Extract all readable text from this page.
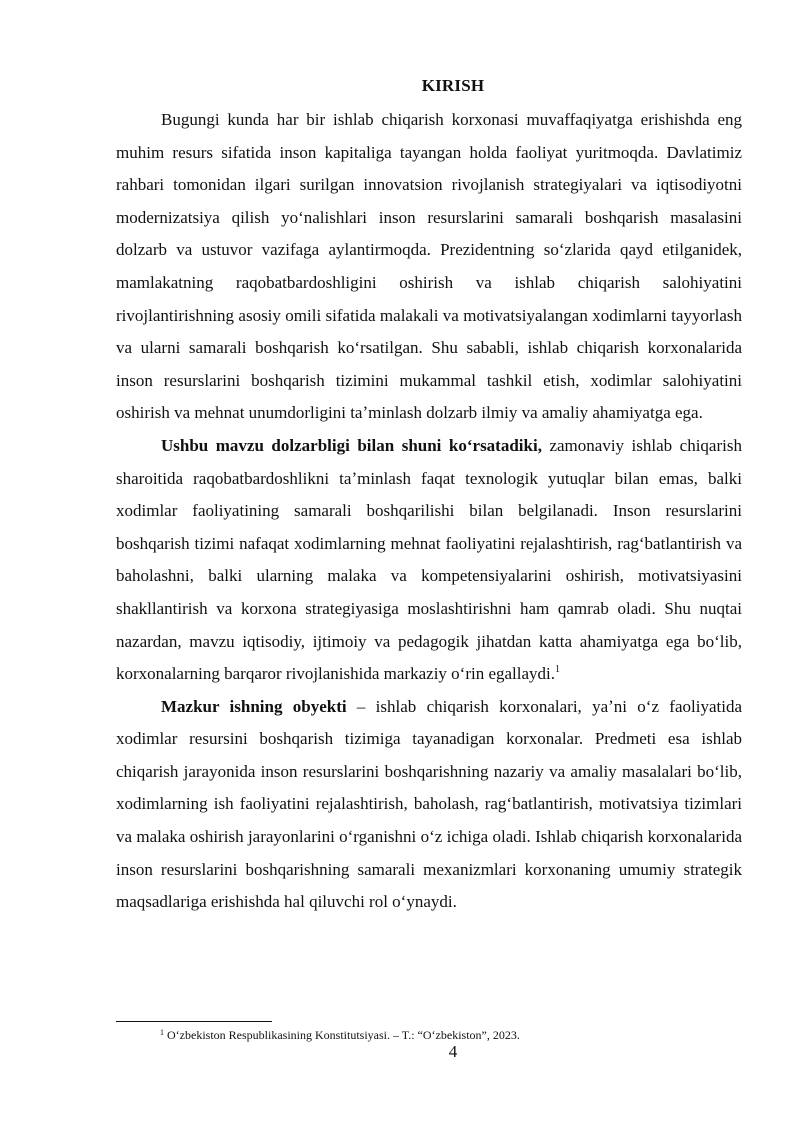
KIRISH

Bugungi kunda har bir ishlab chiqarish korxonasi muvaffaqiyatga erishishda eng muhim resurs sifatida inson kapitaliga tayangan holda faoliyat yuritmoqda. Davlatimiz rahbari tomonidan ilgari surilgan innovatsion rivojlanish strategiyalari va iqtisodiyotni modernizatsiya qilish yoʻnalishlari inson resurslarini samarali boshqarish masalasini dolzarb va ustuvor vazifaga aylantirmoqda. Prezidentning soʻzlarida qayd etilganidek, mamlakatning raqobatbardoshligini oshirish va ishlab chiqarish salohiyatini rivojlantirishning asosiy omili sifatida malakali va motivatsiyalangan xodimlarni tayyorlash va ularni samarali boshqarish koʻrsatilgan. Shu sababli, ishlab chiqarish korxonalarida inson resurslarini boshqarish tizimini mukammal tashkil etish, xodimlar salohiyatini oshirish va mehnat unumdorligini taʼminlash dolzarb ilmiy va amaliy ahamiyatga ega.

Ushbu mavzu dolzarbligi bilan shuni koʻrsatadiki, zamonaviy ishlab chiqarish sharoitida raqobatbardoshlikni taʼminlash faqat texnologik yutuqlar bilan emas, balki xodimlar faoliyatining samarali boshqarilishi bilan belgilanadi. Inson resurslarini boshqarish tizimi nafaqat xodimlarning mehnat faoliyatini rejalashtirish, ragʻbatlantirish va baholashni, balki ularning malaka va kompetensiyalarini oshirish, motivatsiyasini shakllantirish va korxona strategiyasiga moslashtirishni ham qamrab oladi. Shu nuqtai nazardan, mavzu iqtisodiy, ijtimoiy va pedagogik jihatdan katta ahamiyatga ega boʻlib, korxonalarning barqaror rivojlanishida markaziy oʻrin egallaydi.$^1$

Mazkur ishning obyekti – ishlab chiqarish korxonalari, yaʼni oʻz faoliyatida xodimlar resursini boshqarish tizimiga tayanadigan korxonalar. Predmeti esa ishlab chiqarish jarayonida inson resurslarini boshqarishning nazariy va amaliy masalalari boʻlib, xodimlarning ish faoliyatini rejalashtirish, baholash, ragʻbatlantirish, motivatsiya tizimlari va malaka oshirish jarayonlarini oʻrganishni oʻz ichiga oladi. Ishlab chiqarish korxonalarida inson resurslarini boshqarishning samarali mexanizmlari korxonaning umumiy strategik maqsadlariga erishishda hal qiluvchi rol oʻynaydi.

$^1$ Oʻzbekiston Respublikasining Konstitutsiyasi. – T.: “Oʻzbekiston”, 2023.
4
